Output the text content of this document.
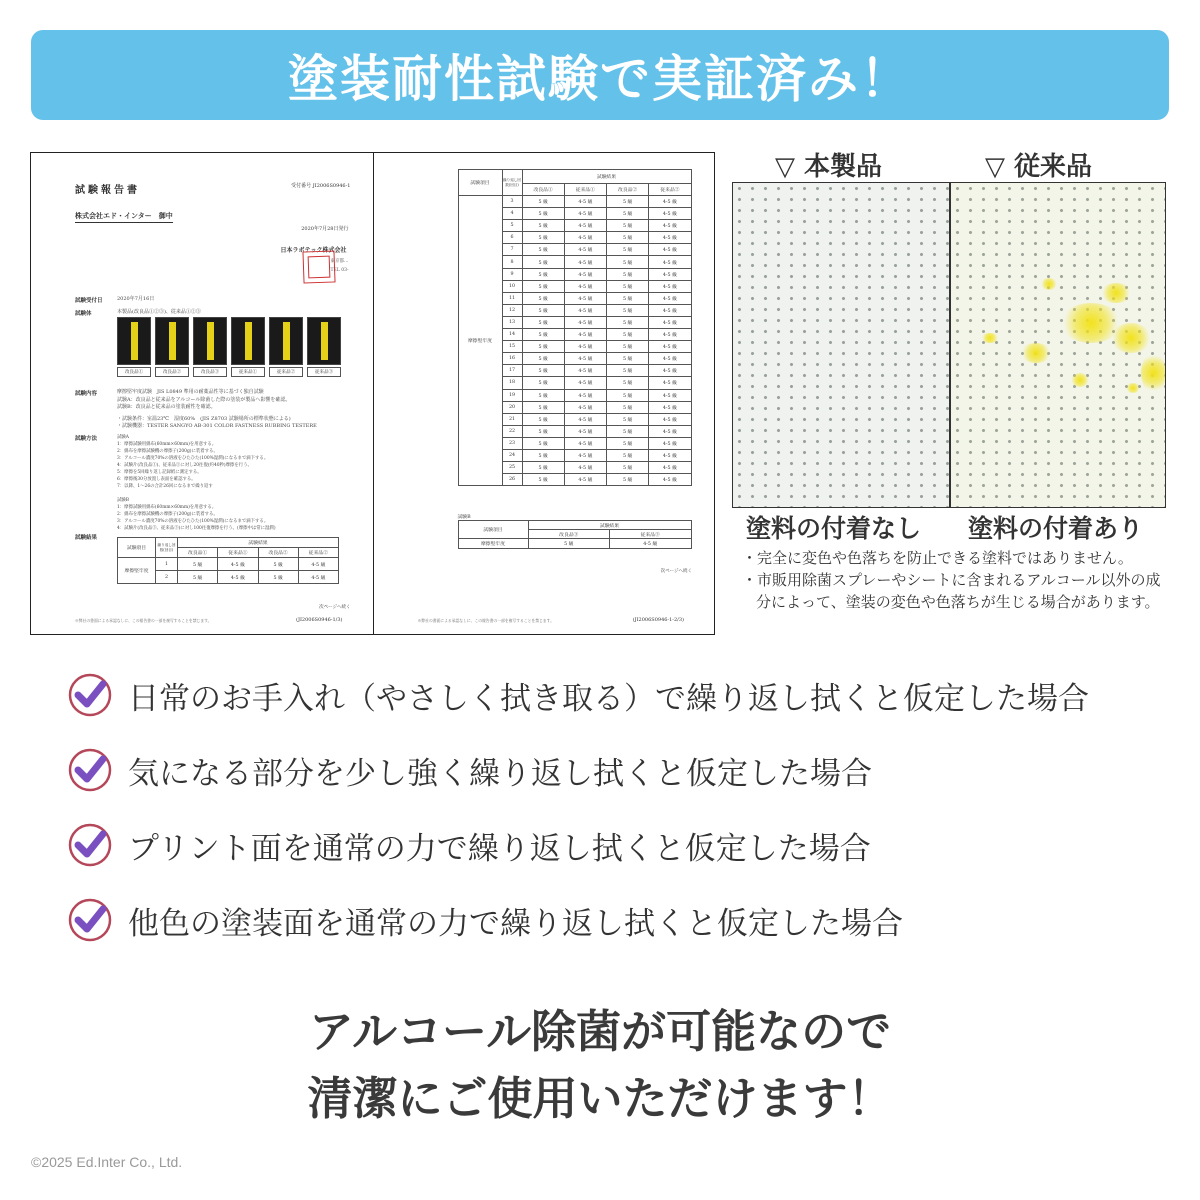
塗装耐性試験で実証済み！
試験報告書	受付番号 JI2006S0946-1
株式会社エド・インター　御中
2020年7月28日発行
日本ラボテック株式会社
東京都…
TEL 03-
試験受付日	2020年7月16日
試験体	本製品(改良品①②③)、従来品①②③
改良品①	改良品②	改良品③	従来品①	従来品②	従来品③
試験内容	摩擦堅牢度試験　JIS L0849 準用の耐薬品性等に基づく独自試験
試験A：改良品と従来品をアルコール除菌した際の塗装が製品へ影響を確認。
試験B：改良品と従来品の塗装耐性を確認。
・試験条件：室温23℃　湿度60%　(JIS Z8703 試験場所の標準状態による)
・試験機器：TESTER SANGYO AB-301 COLOR FASTNESS RUBBING TESTERE
試験方法	試験A
1：摩擦試験用綿布(60mm×60mm)を用意する。
2：綿布を摩擦試験機の摩擦子(200g)に装着する。
3：アルコール濃度70%の溶液をひたひた(100%湿潤)になるまで滴下する。
4：試験片(改良品①)、従来品①に対し20往復(約40秒)摩擦を行う。
5：摩擦を5回繰り返し記録紙に測定する。
6：摩擦後30分放置し表面を確認する。
7：以降、1〜26の合計26回になるまで繰り返す
試験B
1：摩擦試験用綿布(60mm×60mm)を用意する。
2：綿布を摩擦試験機の摩擦子(200g)に装着する。
3：アルコール濃度70%の溶液をひたひた(100%湿潤)になるまで滴下する。
4：試験片(改良品③、従来品③)に対し100往復摩擦を行う。(摩擦中は常に湿潤)
試験結果
試験項目	繰り返し回数(回目)	試験結果			
		改良品①	従来品①	改良品②	従来品②
摩擦堅牢度	1	5 級	4-5 級	5 級	4-5 級
	2	5 級	4-5 級	5 級	4-5 級
次ページへ続く
※弊社の書面による承認なしに、この報告書の一部を複写することを禁じます。	(JI2006S0946-1/3)
試験項目	繰り返し回数(回目)	試験結果			
		改良品①	従来品①	改良品②	従来品②
摩擦堅牢度	3	5 級	4-5 級	5 級	4-5 級
	4	5 級	4-5 級	5 級	4-5 級
	5	5 級	4-5 級	5 級	4-5 級
	6	5 級	4-5 級	5 級	4-5 級
	7	5 級	4-5 級	5 級	4-5 級
	8	5 級	4-5 級	5 級	4-5 級
	9	5 級	4-5 級	5 級	4-5 級
	10	5 級	4-5 級	5 級	4-5 級
	11	5 級	4-5 級	5 級	4-5 級
	12	5 級	4-5 級	5 級	4-5 級
	13	5 級	4-5 級	5 級	4-5 級
	14	5 級	4-5 級	5 級	4-5 級
	15	5 級	4-5 級	5 級	4-5 級
	16	5 級	4-5 級	5 級	4-5 級
	17	5 級	4-5 級	5 級	4-5 級
	18	5 級	4-5 級	5 級	4-5 級
	19	5 級	4-5 級	5 級	4-5 級
	20	5 級	4-5 級	5 級	4-5 級
	21	5 級	4-5 級	5 級	4-5 級
	22	5 級	4-5 級	5 級	4-5 級
	23	5 級	4-5 級	5 級	4-5 級
	24	5 級	4-5 級	5 級	4-5 級
	25	5 級	4-5 級	5 級	4-5 級
	26	5 級	4-5 級	5 級	4-5 級
試験B
試験項目	試験結果	
	改良品③	従来品③
摩擦堅牢度	5 級	4-5 級
次ページへ続く
※弊社の書面による承認なしに、この報告書の一部を複写することを禁じます。	(JI2006S0946-1-2/3)
▽ 本製品	▽ 従来品
塗料の付着なし 塗料の付着あり
・完全に変色や色落ちを防止できる塗料ではありません。
・市販用除菌スプレーやシートに含まれるアルコール以外の成分によって、塗装の変色や色落ちが生じる場合があります。
日常のお手入れ（やさしく拭き取る）で繰り返し拭くと仮定した場合
気になる部分を少し強く繰り返し拭くと仮定した場合
プリント面を通常の力で繰り返し拭くと仮定した場合
他色の塗装面を通常の力で繰り返し拭くと仮定した場合
アルコール除菌が可能なので
清潔にご使用いただけます！
©2025 Ed.Inter Co., Ltd.
